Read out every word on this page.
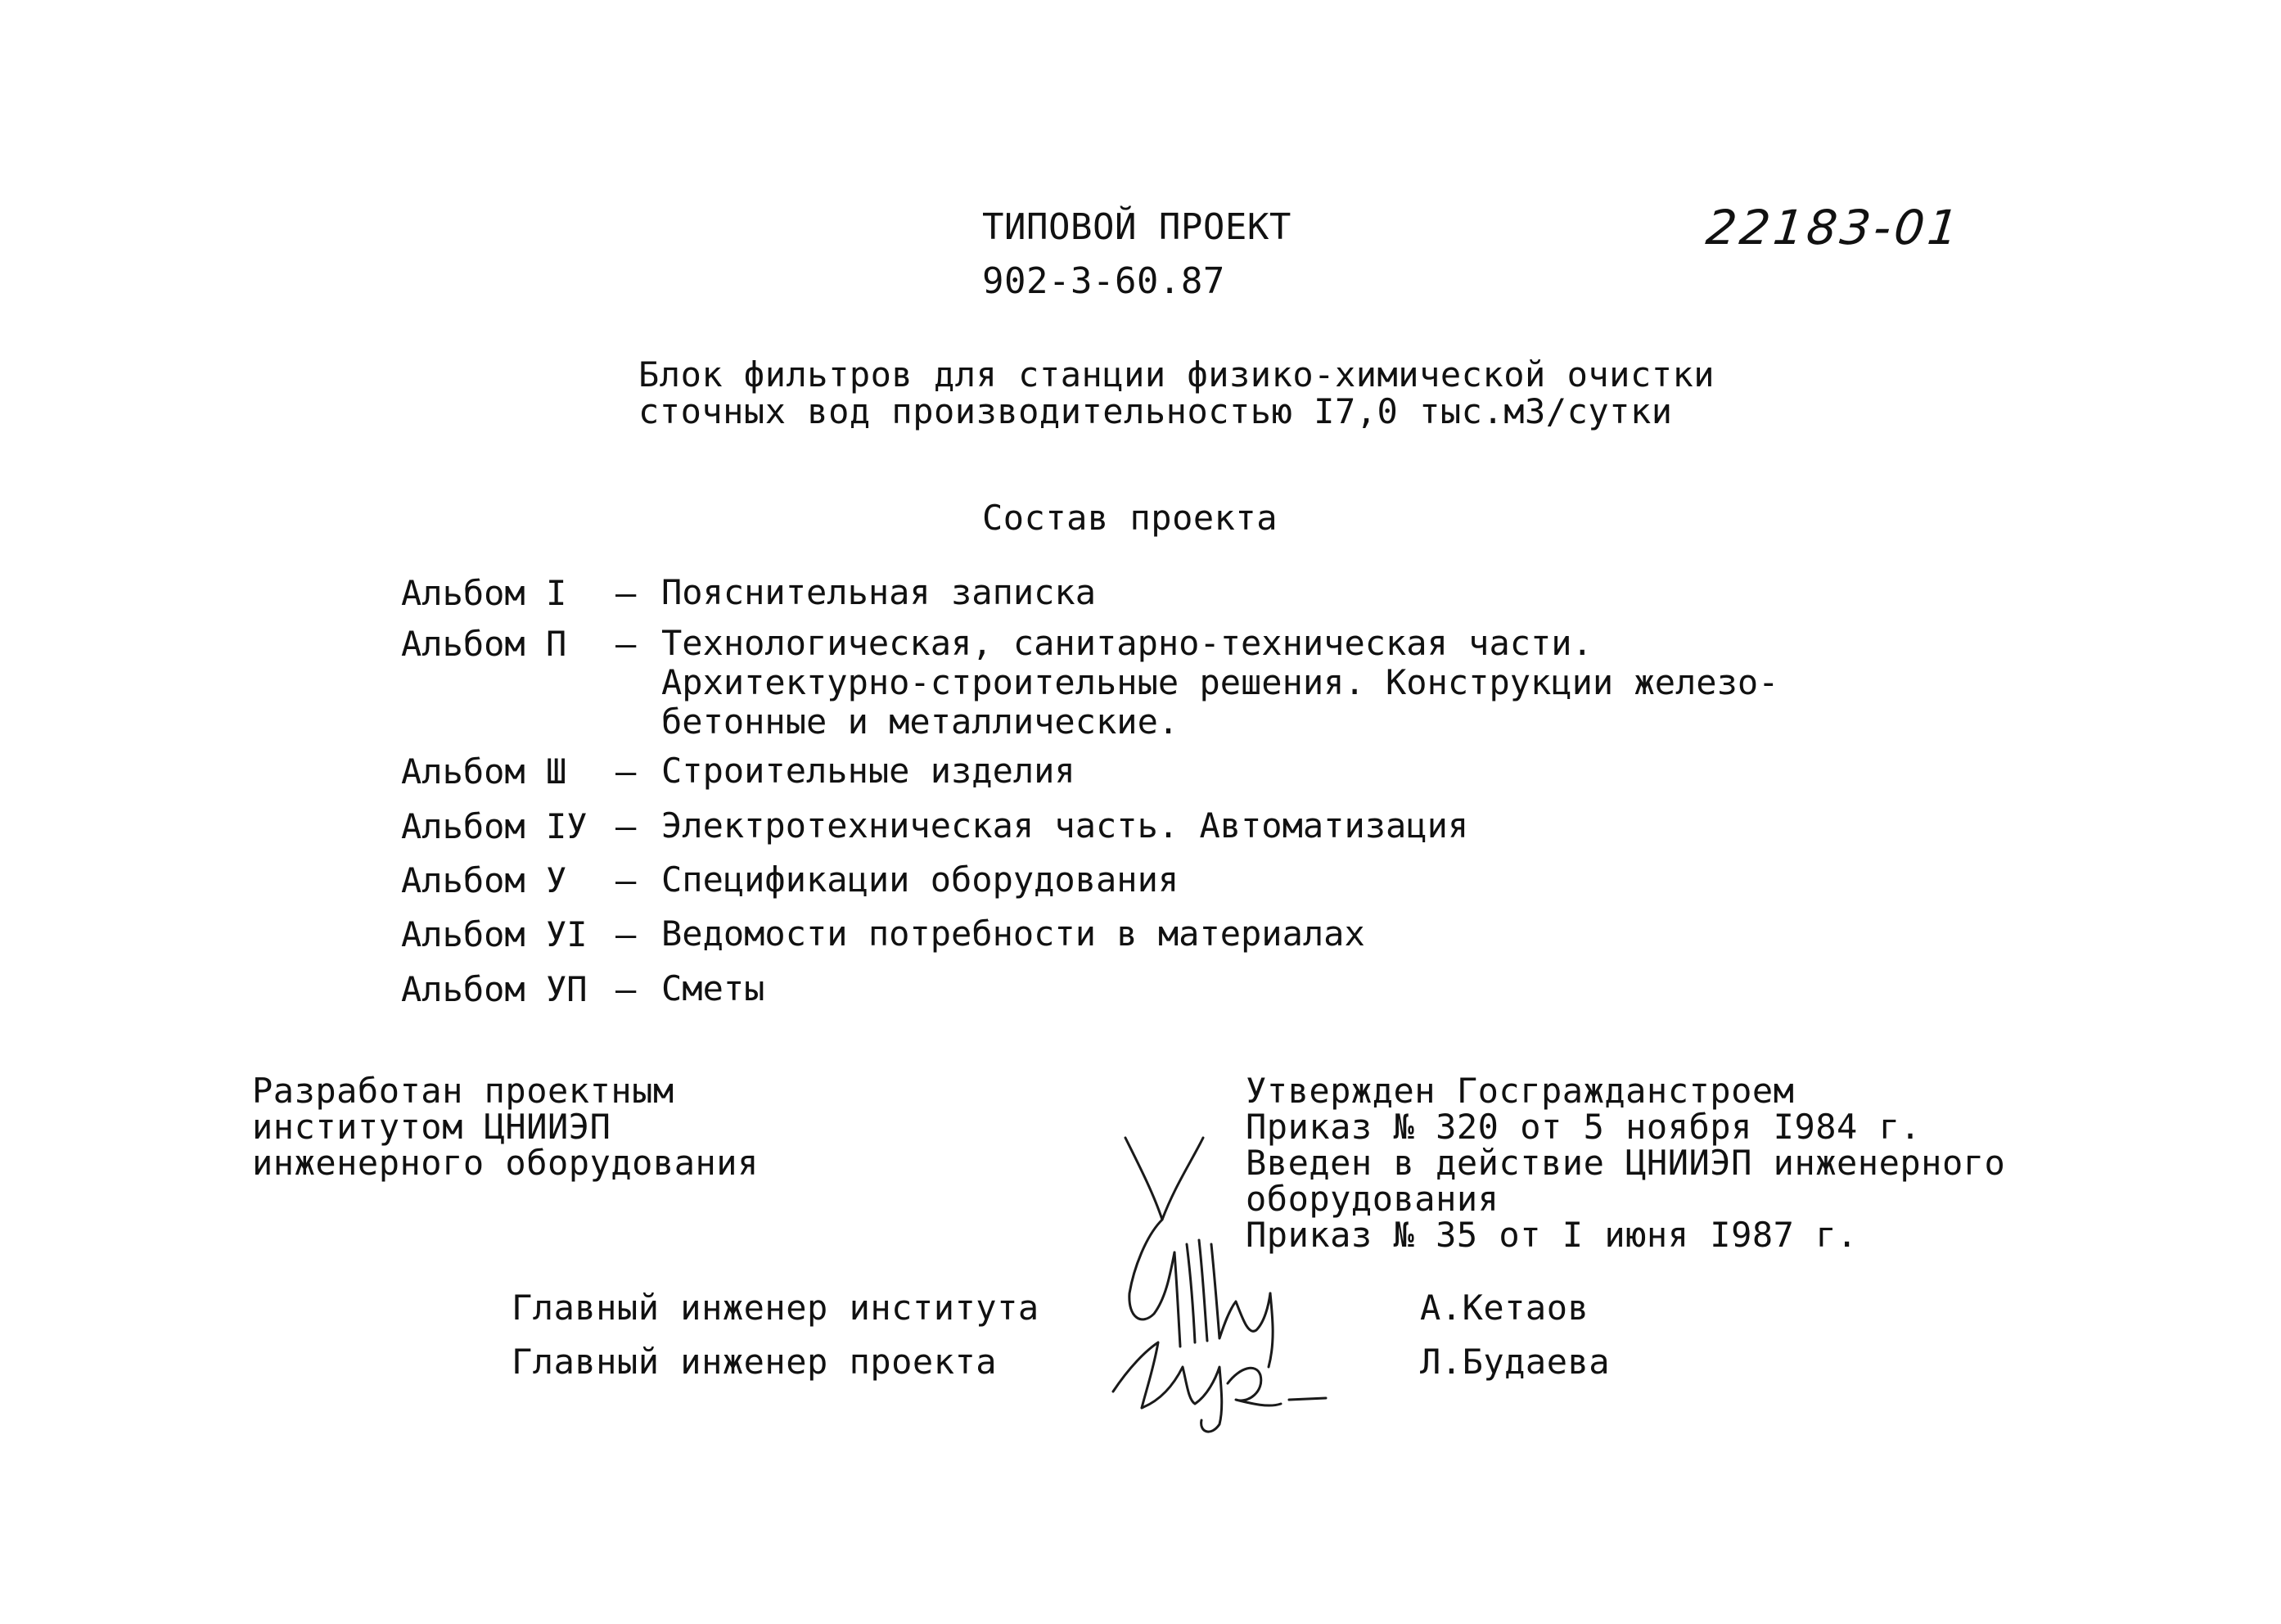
ТИПОВОЙ ПРОЕКТ
902-3-60.87
22183-01
Блок фильтров для станции физико-химической очистки
сточных вод производительностью I7,0 тыс.м3/сутки
Состав проекта
Альбом I – Пояснительная записка
Альбом П – Технологическая, санитарно-техническая части.
Архитектурно-строительные решения. Конструкции железо-
бетонные и металлические.
Альбом Ш – Строительные изделия
Альбом IУ – Электротехническая часть. Автоматизация
Альбом У – Спецификации оборудования
Альбом УI – Ведомости потребности в материалах
Альбом УП – Сметы
Разработан проектным
институтом ЦНИИЭП
инженерного оборудования
Утвержден Госгражданстроем
Приказ № 320 от 5 ноября I984 г.
Введен в действие ЦНИИЭП инженерного
оборудования
Приказ № 35 от I июня I987 г.
Главный инженер института	А.Кетаов
Главный инженер проекта	Л.Будаева
